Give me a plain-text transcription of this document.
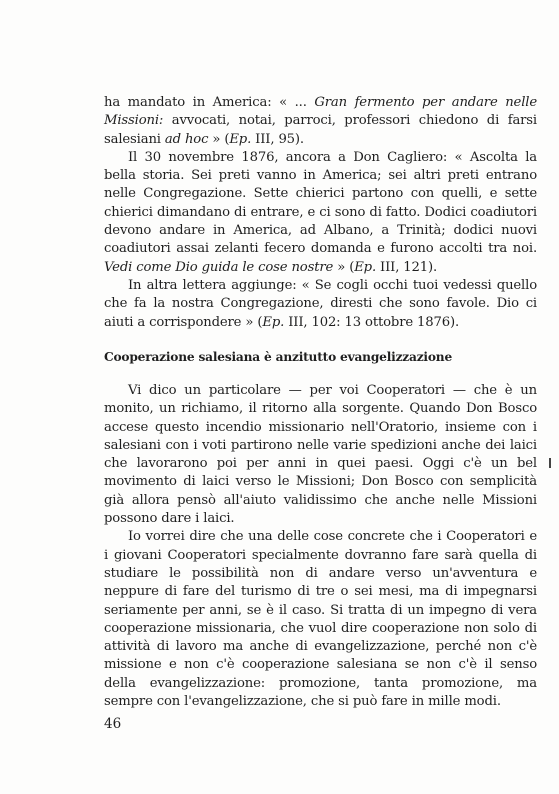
ha mandato in America: « ... Gran fermento per andare nelle Missioni: avvocati, notai, parroci, professori chiedono di farsi salesiani ad hoc » (Ep. III, 95).

Il 30 novembre 1876, ancora a Don Cagliero: « Ascolta la bella storia. Sei preti vanno in America; sei altri preti entrano nelle Congregazione. Sette chierici partono con quelli, e sette chierici dimandano di entrare, e ci sono di fatto. Dodici coadiutori devono andare in America, ad Albano, a Trinità; dodici nuovi coadiutori assai zelanti fecero domanda e furono accolti tra noi. Vedi come Dio guida le cose nostre » (Ep. III, 121).

In altra lettera aggiunge: « Se cogli occhi tuoi vedessi quello che fa la nostra Congregazione, diresti che sono favole. Dio ci aiuti a corrispondere » (Ep. III, 102: 13 ottobre 1876).

Cooperazione salesiana è anzitutto evangelizzazione

Vi dico un particolare — per voi Cooperatori — che è un monito, un richiamo, il ritorno alla sorgente. Quando Don Bosco accese questo incendio missionario nell'Oratorio, insieme con i salesiani con i voti partirono nelle varie spedizioni anche dei laici che lavorarono poi per anni in quei paesi. Oggi c'è un bel movimento di laici verso le Missioni; Don Bosco con semplicità già allora pensò all'aiuto validissimo che anche nelle Missioni possono dare i laici.

Io vorrei dire che una delle cose concrete che i Cooperatori e i giovani Cooperatori specialmente dovranno fare sarà quella di studiare le possibilità non di andare verso un'avventura e neppure di fare del turismo di tre o sei mesi, ma di impegnarsi seriamente per anni, se è il caso. Si tratta di un impegno di vera cooperazione missionaria, che vuol dire cooperazione non solo di attività di lavoro ma anche di evangelizzazione, perché non c'è missione e non c'è cooperazione salesiana se non c'è il senso della evangelizzazione: promozione, tanta promozione, ma sempre con l'evangelizzazione, che si può fare in mille modi.

46
